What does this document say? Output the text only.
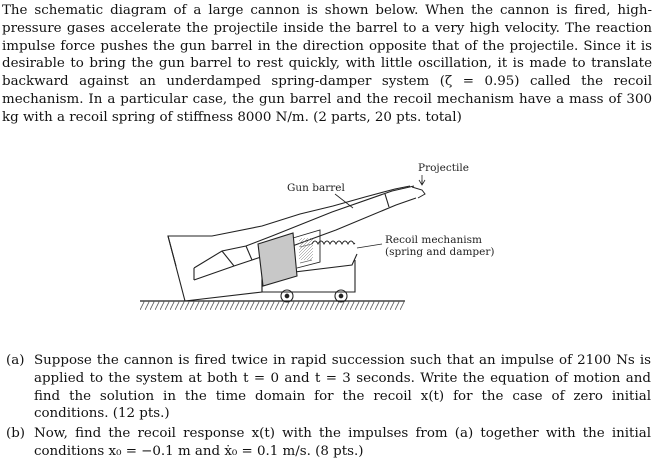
The schematic diagram of a large cannon is shown below. When the cannon is fired, high-pressure gases accelerate the projectile inside the barrel to a very high velocity. The reaction impulse force pushes the gun barrel in the direction opposite that of the projectile. Since it is desirable to bring the gun barrel to rest quickly, with little oscillation, it is made to translate backward against an underdamped spring-damper system (ζ = 0.95) called the recoil mechanism. In a particular case, the gun barrel and the recoil mechanism have a mass of 300 kg with a recoil spring of stiffness 8000 N/m. (2 parts, 20 pts. total)

Projectile
Gun barrel
Recoil mechanism
(spring and damper)
(a) Suppose the cannon is fired twice in rapid succession such that an impulse of 2100 Ns is applied to the system at both t = 0 and t = 3 seconds. Write the equation of motion and find the solution in the time domain for the recoil x(t) for the case of zero initial conditions. (12 pts.)
(b) Now, find the recoil response x(t) with the impulses from (a) together with the initial conditions x₀ = −0.1 m and ẋ₀ = 0.1 m/s. (8 pts.)
